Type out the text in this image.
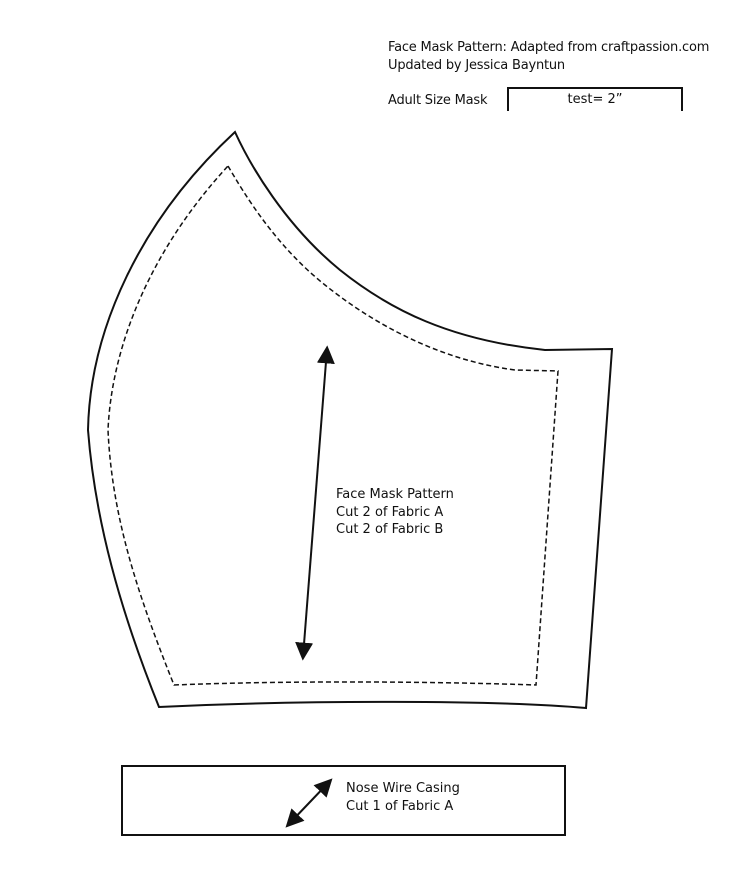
Face Mask Pattern: Adapted from craftpassion.com
Updated by Jessica Bayntun
Adult Size Mask	test= 2”
Face Mask Pattern
Cut 2 of Fabric A
Cut 2 of Fabric B
Nose Wire Casing
Cut 1 of Fabric A
